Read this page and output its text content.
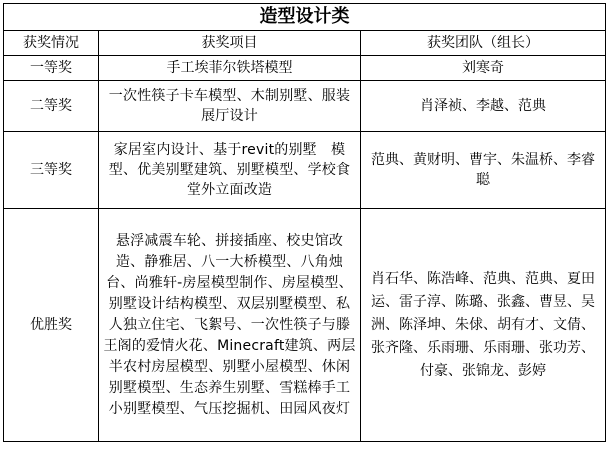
造型设计类		
获奖情况	获奖项目	获奖团队（组长）
一等奖	手工埃菲尔铁塔模型	刘寒奇
二等奖	一次性筷子卡车模型、木制别墅、服装展厅设计	肖泽祯、李越、范典
三等奖	家居室内设计、基于revit的别墅　模型、优美别墅建筑、别墅模型、学校食堂外立面改造	范典、黄财明、曹宇、朱温桥、李睿聪

优胜奖	悬浮减震车轮、拼接插座、校史馆改造、静雅居、八一大桥模型、八角烛台、尚雅轩-房屋模型制作、房屋模型、别墅设计结构模型、双层别墅模型、私人独立住宅、飞絮号、一次性筷子与滕王阁的爱情火花、Minecraft建筑、两层半农村房屋模型、别墅小屋模型、休闲别墅模型、生态养生别墅、雪糕棒手工小别墅模型、气压挖掘机、田园风夜灯	肖石华、陈浩峰、范典、范典、夏田运、雷子淳、陈璐、张鑫、曹昱、吴洲、陈泽坤、朱俅、胡有才、文倩、张齐隆、乐雨珊、乐雨珊、张功芳、付豪、张锦龙、彭婷
